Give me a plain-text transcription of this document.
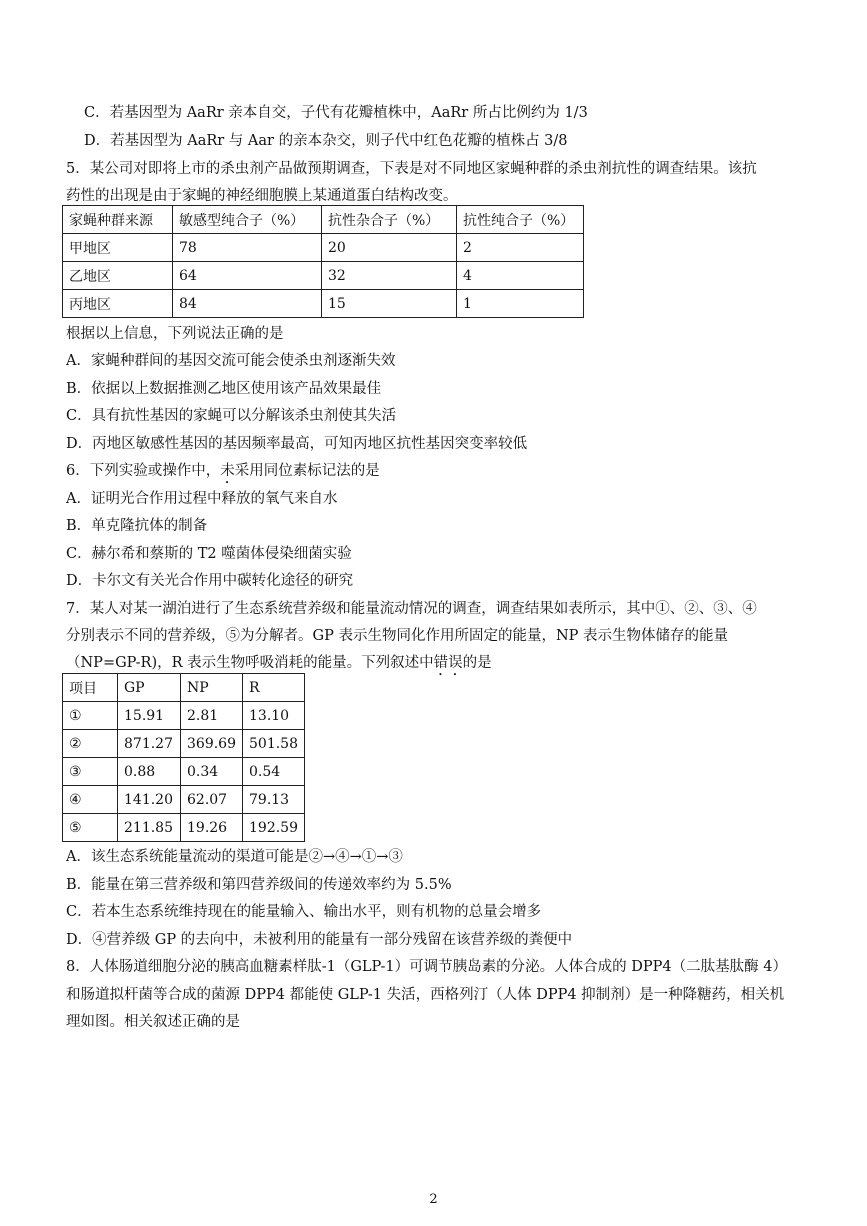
C．若基因型为 AaRr 亲本自交，子代有花瓣植株中，AaRr 所占比例约为 1/3
D．若基因型为 AaRr 与 Aar 的亲本杂交，则子代中红色花瓣的植株占 3/8
5．某公司对即将上市的杀虫剂产品做预期调查，下表是对不同地区家蝇种群的杀虫剂抗性的调查结果。该抗
药性的出现是由于家蝇的神经细胞膜上某通道蛋白结构改变。
家蝇种群来源	敏感型纯合子（%）	抗性杂合子（%）	抗性纯合子（%）
甲地区	78	20	2
乙地区	64	32	4
丙地区	84	15	1
根据以上信息，下列说法正确的是
A．家蝇种群间的基因交流可能会使杀虫剂逐渐失效
B．依据以上数据推测乙地区使用该产品效果最佳
C．具有抗性基因的家蝇可以分解该杀虫剂使其失活
D．丙地区敏感性基因的基因频率最高，可知丙地区抗性基因突变率较低
6．下列实验或操作中，未采用同位素标记法的是
A．证明光合作用过程中释放的氧气来自水
B．单克隆抗体的制备
C．赫尔希和蔡斯的 T2 噬菌体侵染细菌实验
D．卡尔文有关光合作用中碳转化途径的研究
7．某人对某一湖泊进行了生态系统营养级和能量流动情况的调查，调查结果如表所示，其中①、②、③、④
分别表示不同的营养级，⑤为分解者。GP 表示生物同化作用所固定的能量，NP 表示生物体储存的能量
（NP=GP-R)，R 表示生物呼吸消耗的能量。下列叙述中错误的是
项目	GP	NP	R
①	15.91	2.81	13.10
②	871.27	369.69	501.58
③	0.88	0.34	0.54
④	141.20	62.07	79.13
⑤	211.85	19.26	192.59
A．该生态系统能量流动的渠道可能是②→④→①→③
B．能量在第三营养级和第四营养级间的传递效率约为 5.5%
C．若本生态系统维持现在的能量输入、输出水平，则有机物的总量会增多
D．④营养级 GP 的去向中，未被利用的能量有一部分残留在该营养级的粪便中
8．人体肠道细胞分泌的胰高血糖素样肽-1（GLP-1）可调节胰岛素的分泌。人体合成的 DPP4（二肽基肽酶 4）
和肠道拟杆菌等合成的菌源 DPP4 都能使 GLP-1 失活，西格列汀（人体 DPP4 抑制剂）是一种降糖药，相关机
理如图。相关叙述正确的是
2
